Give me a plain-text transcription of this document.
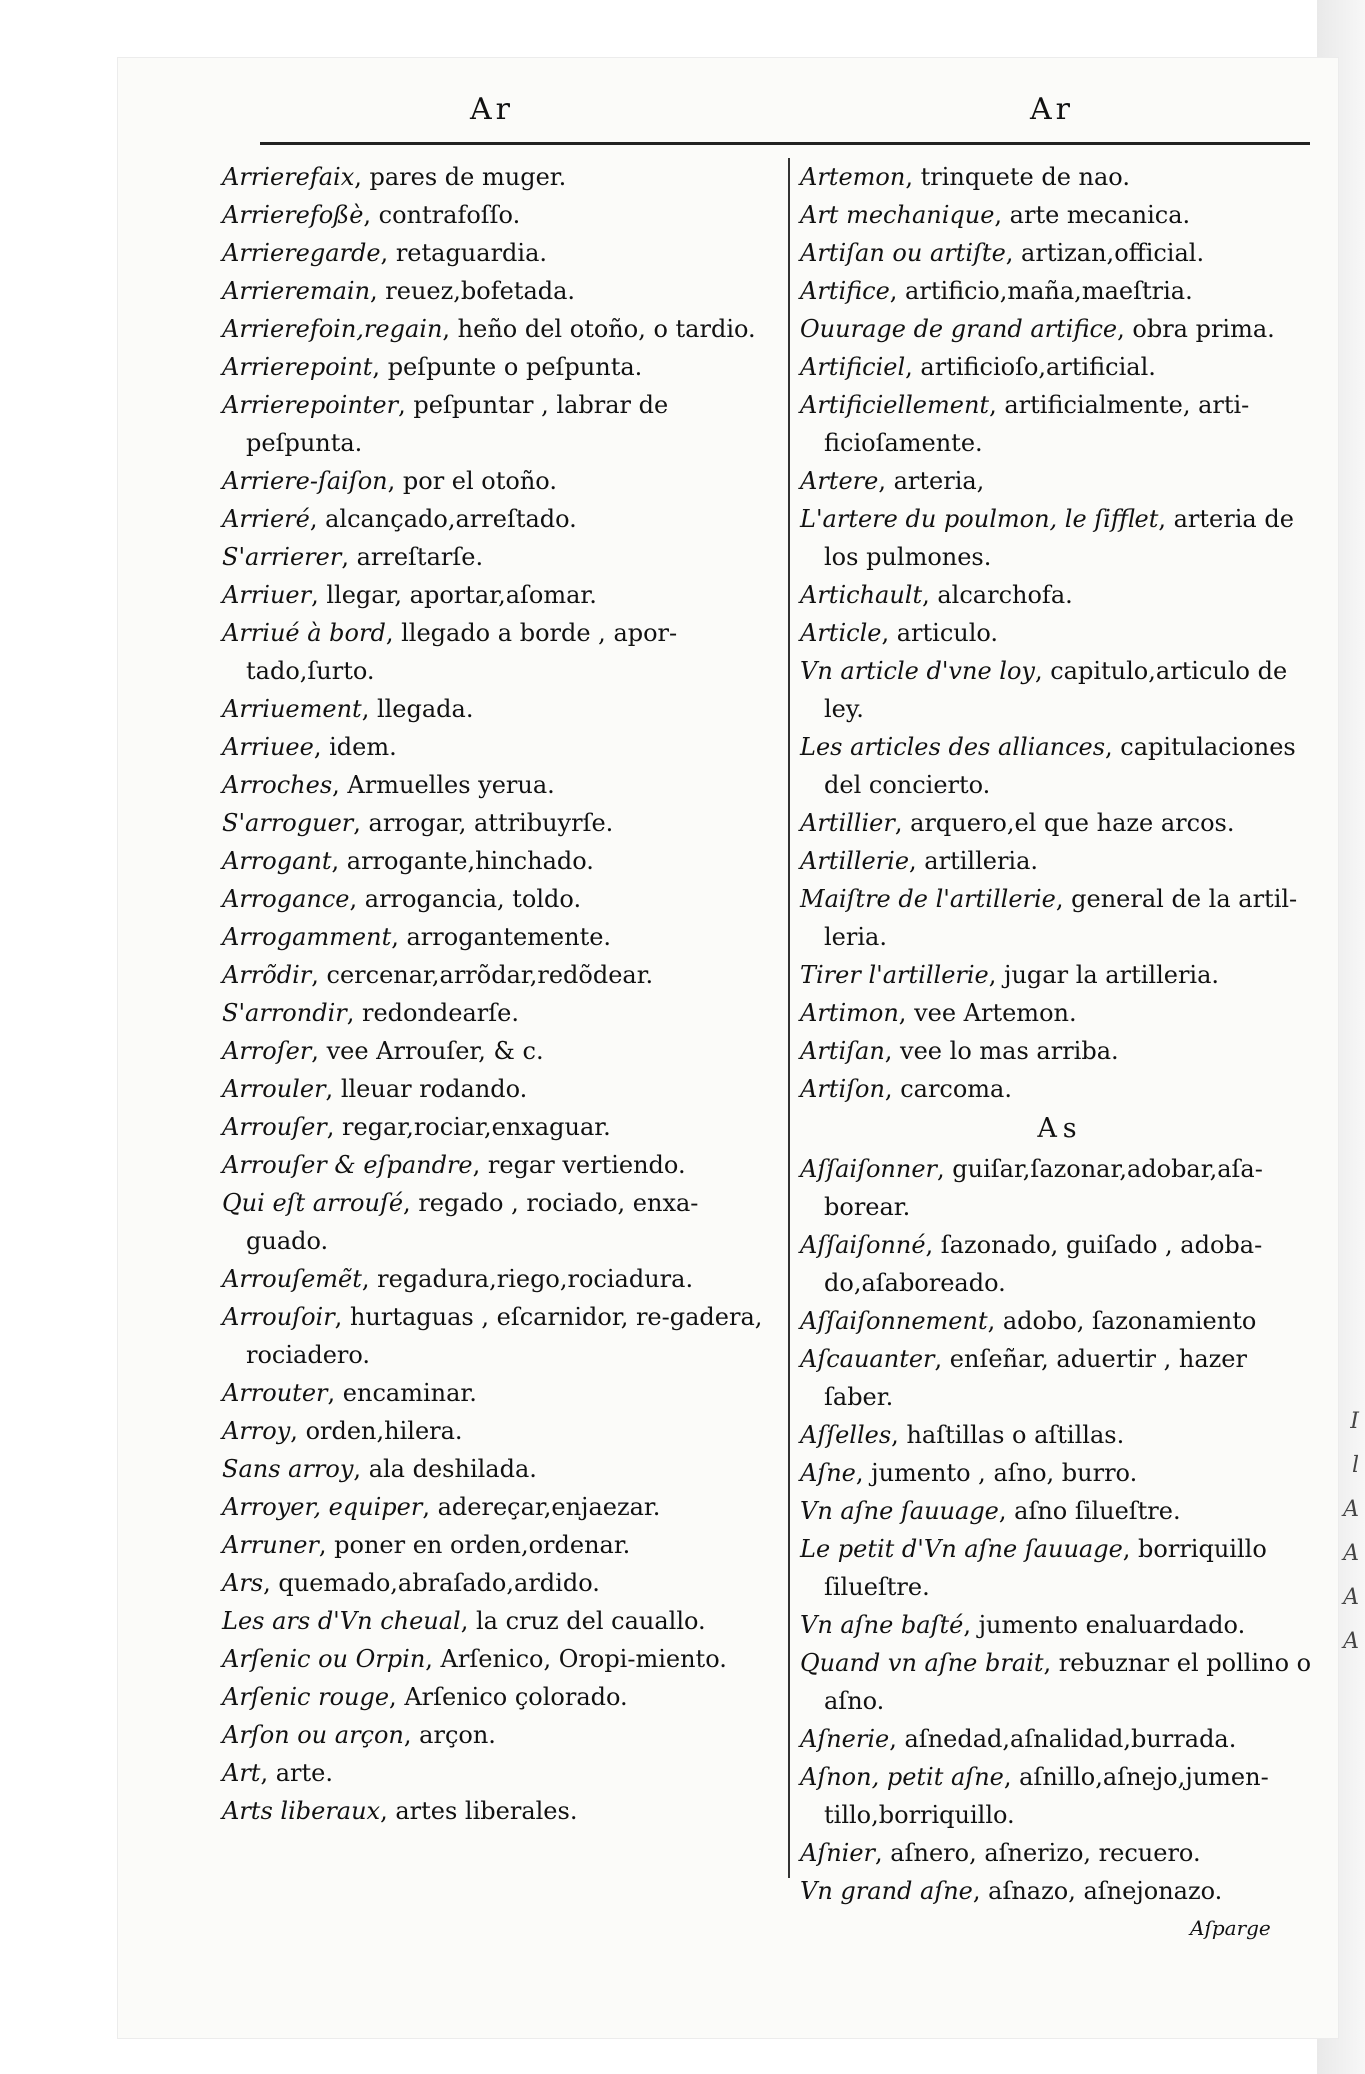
I
l
A
A
A
A
Ar	Ar
Arrierefaix , pares de muger.
Arrierefoßè , contrafoſſo.
Arrieregarde , retaguardia.
Arrieremain , reuez,bofetada.
Arrierefoin,regain , heño del otoño, o tardio.
Arrierepoint , peſpunte o peſpunta.
Arrierepointer , peſpuntar , labrar de peſpunta.
Arriere-ſaiſon , por el otoño.
Arrieré , alcançado,arreſtado.
S'arrierer , arreſtarſe.
Arriuer , llegar, aportar,aſomar.
Arriué à bord , llegado a borde , apor-tado,ſurto.
Arriuement , llegada.
Arriuee , idem.
Arroches , Armuelles yerua.
S'arroguer , arrogar, attribuyrſe.
Arrogant , arrogante,hinchado.
Arrogance , arrogancia, toldo.
Arrogamment , arrogantemente.
Arrõdir , cercenar,arrõdar,redõdear.
S'arrondir , redondearſe.
Arroſer , vee Arrouſer, & c.
Arrouler , lleuar rodando.
Arrouſer , regar,rociar,enxaguar.
Arrouſer & eſpandre , regar vertiendo.
Qui eſt arrouſé , regado , rociado, enxa-guado.
Arrouſemẽt , regadura,riego,rociadura.
Arrouſoir , hurtaguas , eſcarnidor, re-gadera, rociadero.
Arrouter , encaminar.
Arroy , orden,hilera.
Sans arroy , ala deshilada.
Arroyer, equiper , adereçar,enjaezar.
Arruner , poner en orden,ordenar.
Ars , quemado,abraſado,ardido.
Les ars d'Vn cheual , la cruz del cauallo.
Arſenic ou Orpin , Arſenico, Oropi-miento.
Arſenic rouge , Arſenico çolorado.
Arſon ou arçon , arçon.
Art , arte.
Arts liberaux , artes liberales.
Artemon , trinquete de nao.
Art mechanique , arte mecanica.
Artiſan ou artiſte , artizan,official.
Artifice , artificio,maña,maeſtria.
Ouurage de grand artifice , obra prima.
Artificiel , artificioſo,artificial.
Artificiellement , artificialmente, arti-ficioſamente.
Artere , arteria,
L'artere du poulmon, le ſifflet , arteria de los pulmones.
Artichault , alcarchofa.
Article , articulo.
Vn article d'vne loy , capitulo,articulo de ley.
Les articles des alliances , capitulaciones del concierto.
Artillier , arquero,el que haze arcos.
Artillerie , artilleria.
Maiſtre de l'artillerie , general de la artil-leria.
Tirer l'artillerie , jugar la artilleria.
Artimon , vee Artemon.
Artiſan , vee lo mas arriba.
Artiſon , carcoma.
As
Aſſaiſonner , guiſar,ſazonar,adobar,aſa-borear.
Aſſaiſonné , ſazonado, guiſado , adoba-do,aſaboreado.
Aſſaiſonnement , adobo, ſazonamiento
Aſcauanter , enſeñar, aduertir , hazer ſaber.
Aſſelles , haſtillas o aſtillas.
Aſne , jumento , aſno, burro.
Vn aſne ſauuage , aſno ſilueſtre.
Le petit d'Vn aſne ſauuage , borriquillo ſilueſtre.
Vn aſne baſté , jumento enaluardado.
Quand vn aſne brait , rebuznar el pollino o aſno.
Aſnerie , aſnedad,aſnalidad,burrada.
Aſnon, petit aſne , aſnillo,aſnejo,jumen-tillo,borriquillo.
Aſnier , aſnero, aſnerizo, recuero.
Vn grand aſne , aſnazo, aſnejonazo.
Aſparge
